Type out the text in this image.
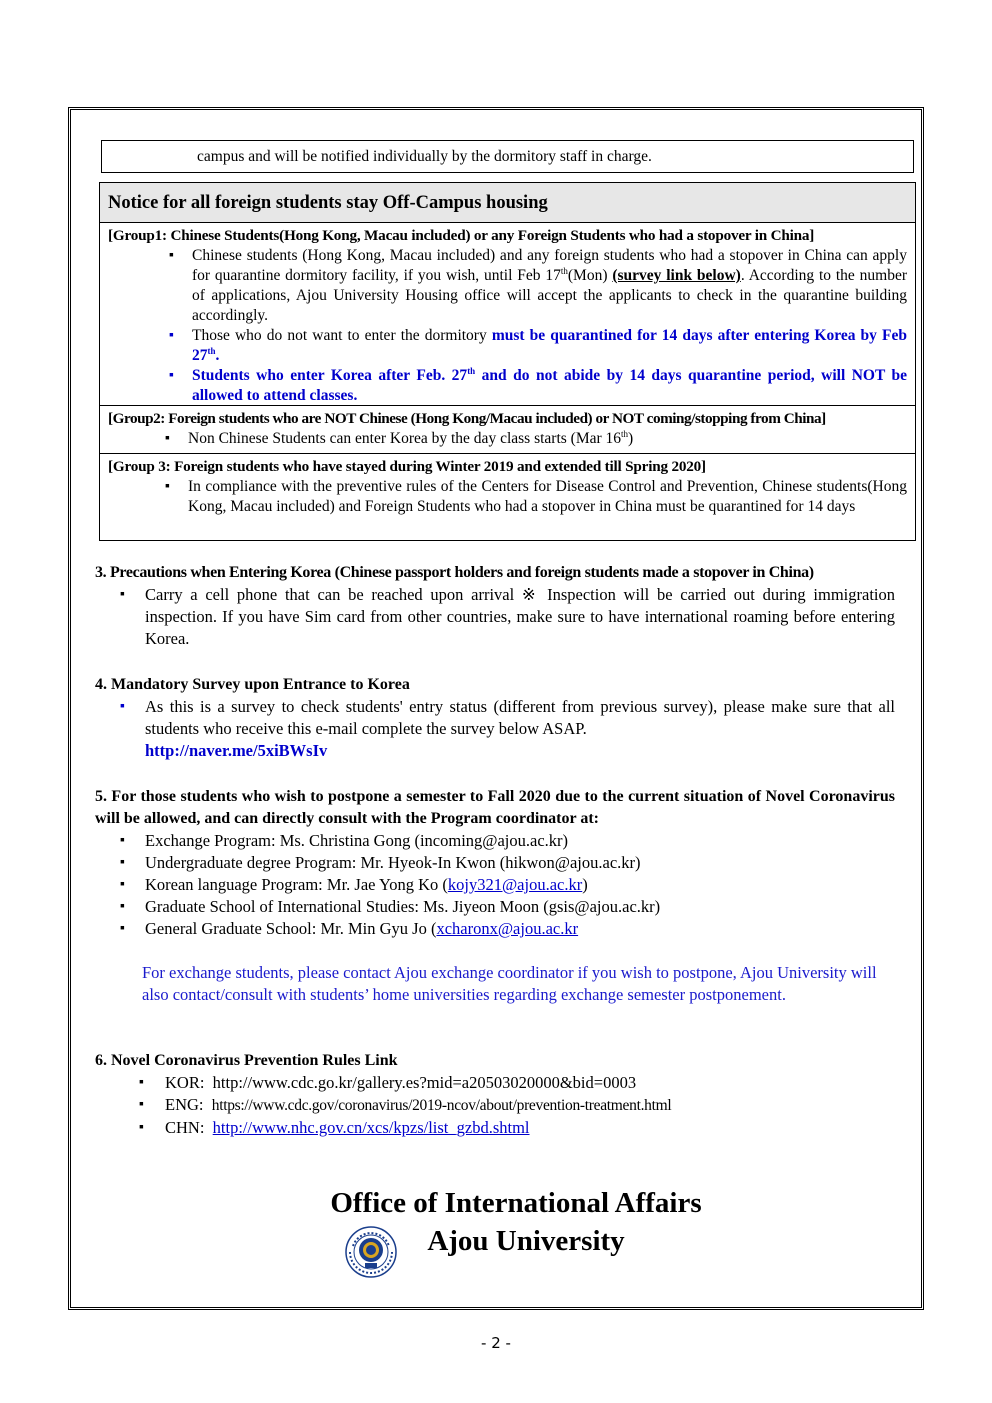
campus and will be notified individually by the dormitory staff in charge.
Notice for all foreign students stay Off-Campus housing
[Group1: Chinese Students(Hong Kong, Macau included) or any Foreign Students who had a stopover in China]
▪ Chinese students (Hong Kong, Macau included) and any foreign students who had a stopover in China can apply for quarantine dormitory facility, if you wish, until Feb 17th(Mon) (survey link below). According to the number of applications, Ajou University Housing office will accept the applicants to check in the quarantine building accordingly.
▪ Those who do not want to enter the dormitory must be quarantined for 14 days after entering Korea by Feb 27th.
▪ Students who enter Korea after Feb. 27th and do not abide by 14 days quarantine period, will NOT be allowed to attend classes.
[Group2: Foreign students who are NOT Chinese (Hong Kong/Macau included) or NOT coming/stopping from China]
▪ Non Chinese Students can enter Korea by the day class starts (Mar 16th)
[Group 3: Foreign students who have stayed during Winter 2019 and extended till Spring 2020]
▪ In compliance with the preventive rules of the Centers for Disease Control and Prevention, Chinese students(Hong Kong, Macau included) and Foreign Students who had a stopover in China must be quarantined for 14 days
3. Precautions when Entering Korea (Chinese passport holders and foreign students made a stopover in China)
▪ Carry a cell phone that can be reached upon arrival ※ Inspection will be carried out during immigration inspection. If you have Sim card from other countries, make sure to have international roaming before entering Korea.
4. Mandatory Survey upon Entrance to Korea
▪ As this is a survey to check students' entry status (different from previous survey), please make sure that all students who receive this e-mail complete the survey below ASAP.
http://naver.me/5xiBWsIv
5. For those students who wish to postpone a semester to Fall 2020 due to the current situation of Novel Coronavirus will be allowed, and can directly consult with the Program coordinator at:
▪ Exchange Program: Ms. Christina Gong (incoming@ajou.ac.kr)
▪ Undergraduate degree Program: Mr. Hyeok-In Kwon (hikwon@ajou.ac.kr)
▪ Korean language Program: Mr. Jae Yong Ko (kojy321@ajou.ac.kr)
▪ Graduate School of International Studies: Ms. Jiyeon Moon (gsis@ajou.ac.kr)
▪ General Graduate School: Mr. Min Gyu Jo (xcharonx@ajou.ac.kr
For exchange students, please contact Ajou exchange coordinator if you wish to postpone, Ajou University will also contact/consult with students’ home universities regarding exchange semester postponement.
6. Novel Coronavirus Prevention Rules Link
▪ KOR: http://www.cdc.go.kr/gallery.es?mid=a20503020000&bid=0003
▪ ENG: https://www.cdc.gov/coronavirus/2019-ncov/about/prevention-treatment.html
▪ CHN: http://www.nhc.gov.cn/xcs/kpzs/list_gzbd.shtml
Office of International Affairs
Ajou University
- 2 -
